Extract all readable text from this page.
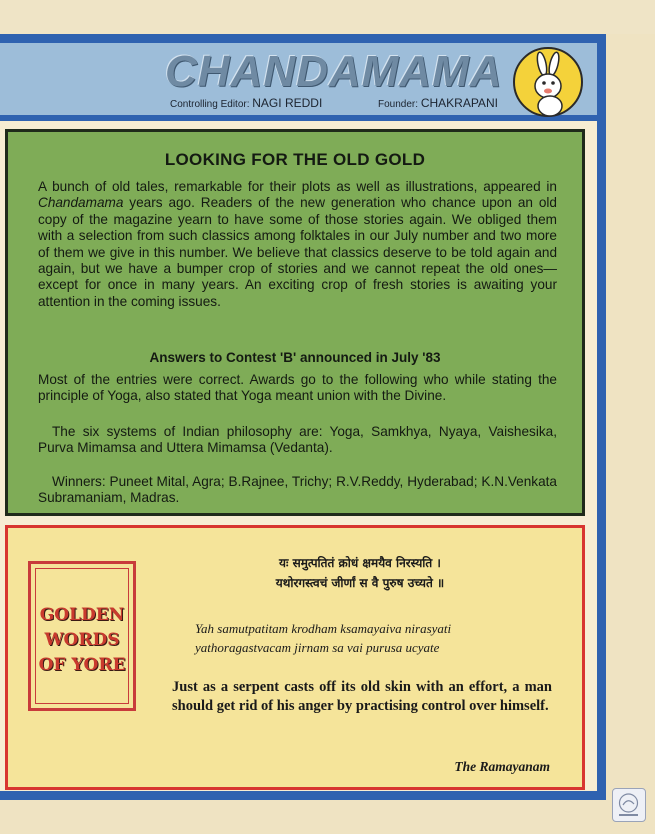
CHANDAMAMA
Controlling Editor: NAGI REDDI	Founder: CHAKRAPANI
LOOKING FOR THE OLD GOLD

A bunch of old tales, remarkable for their plots as well as illustrations, appeared in Chandamama years ago. Readers of the new generation who chance upon an old copy of the magazine yearn to have some of those stories again. We obliged them with a selection from such classics among folktales in our July number and two more of them we give in this number. We believe that classics deserve to be told again and again, but we have a bumper crop of stories and we cannot repeat the old ones—except for once in many years. An exciting crop of fresh stories is awaiting your attention in the coming issues.

Answers to Contest 'B' announced in July '83

Most of the entries were correct. Awards go to the following who while stating the principle of Yoga, also stated that Yoga meant union with the Divine.

The six systems of Indian philosophy are: Yoga, Samkhya, Nyaya, Vaishesika, Purva Mimamsa and Uttera Mimamsa (Vedanta).

Winners: Puneet Mital, Agra; B.Rajnee, Trichy; R.V.Reddy, Hyderabad; K.N.Venkata Subramaniam, Madras.

GOLDEN
WORDS
OF YORE
यः समुत्पतितं क्रोधं क्षमयैव निरस्यति ।
यथोरगस्त्वचं जीर्णां स वै पुरुष उच्यते ॥
Yah samutpatitam krodham ksamayaiva nirasyati
yathoragastvacam jirnam sa vai purusa ucyate

Just as a serpent casts off its old skin with an effort, a man should get rid of his anger by practising control over himself.

The Ramayanam
